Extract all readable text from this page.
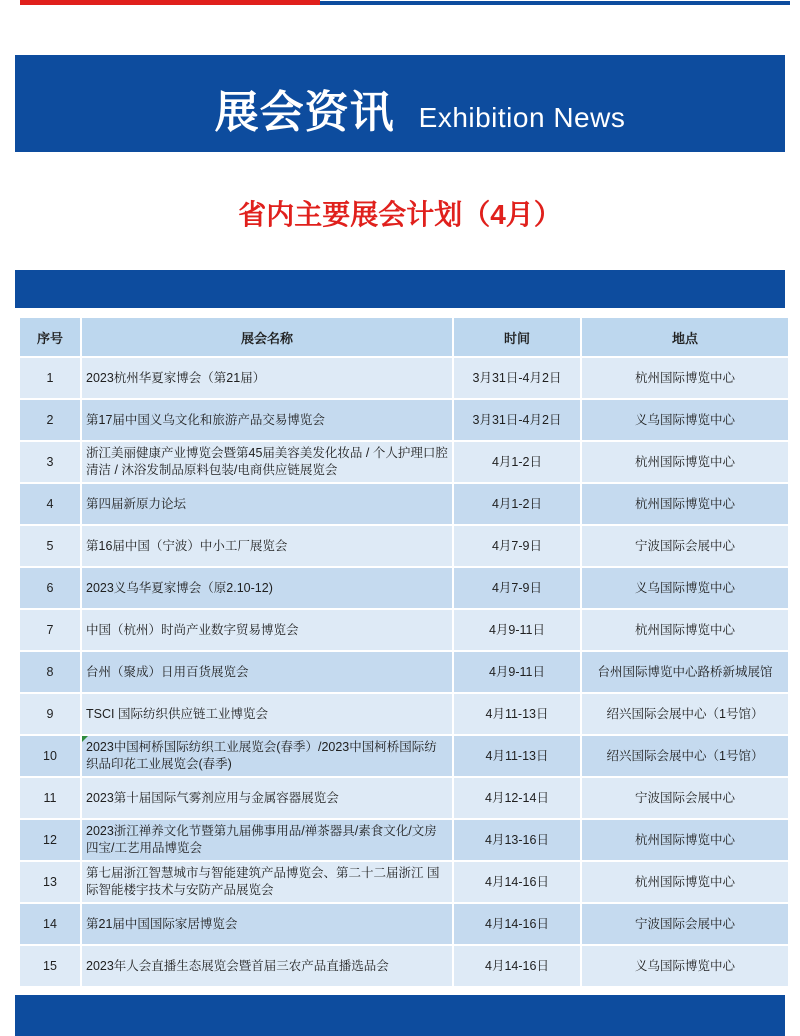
展会资讯 Exhibition News
省内主要展会计划（4月）
序号	展会名称	时间	地点
1	2023杭州华夏家博会（第21届）	3月31日-4月2日	杭州国际博览中心
2	第17届中国义乌文化和旅游产品交易博览会	3月31日-4月2日	义乌国际博览中心
3	浙江美丽健康产业博览会暨第45届美容美发化妆品 / 个人护理口腔清洁 / 沐浴发制品原料包装/电商供应链展览会	4月1-2日	杭州国际博览中心
4	第四届新原力论坛	4月1-2日	杭州国际博览中心
5	第16届中国（宁波）中小工厂展览会	4月7-9日	宁波国际会展中心
6	2023义乌华夏家博会（原2.10-12)	4月7-9日	义乌国际博览中心
7	中国（杭州）时尚产业数字贸易博览会	4月9-11日	杭州国际博览中心
8	台州（聚成）日用百货展览会	4月9-11日	台州国际博览中心路桥新城展馆
9	TSCI 国际纺织供应链工业博览会	4月11-13日	绍兴国际会展中心（1号馆）
10	2023中国柯桥国际纺织工业展览会(春季）/2023中国柯桥国际纺织品印花工业展览会(春季)	4月11-13日	绍兴国际会展中心（1号馆）
11	2023第十届国际气雾剂应用与金属容器展览会	4月12-14日	宁波国际会展中心
12	2023浙江禅养文化节暨第九届佛事用品/禅茶器具/素食文化/文房四宝/工艺用品博览会	4月13-16日	杭州国际博览中心
13	第七届浙江智慧城市与智能建筑产品博览会、第二十二届浙江 国际智能楼宇技术与安防产品展览会	4月14-16日	杭州国际博览中心
14	第21届中国国际家居博览会	4月14-16日	宁波国际会展中心
15	2023年人会直播生态展览会暨首届三农产品直播选品会	4月14-16日	义乌国际博览中心
